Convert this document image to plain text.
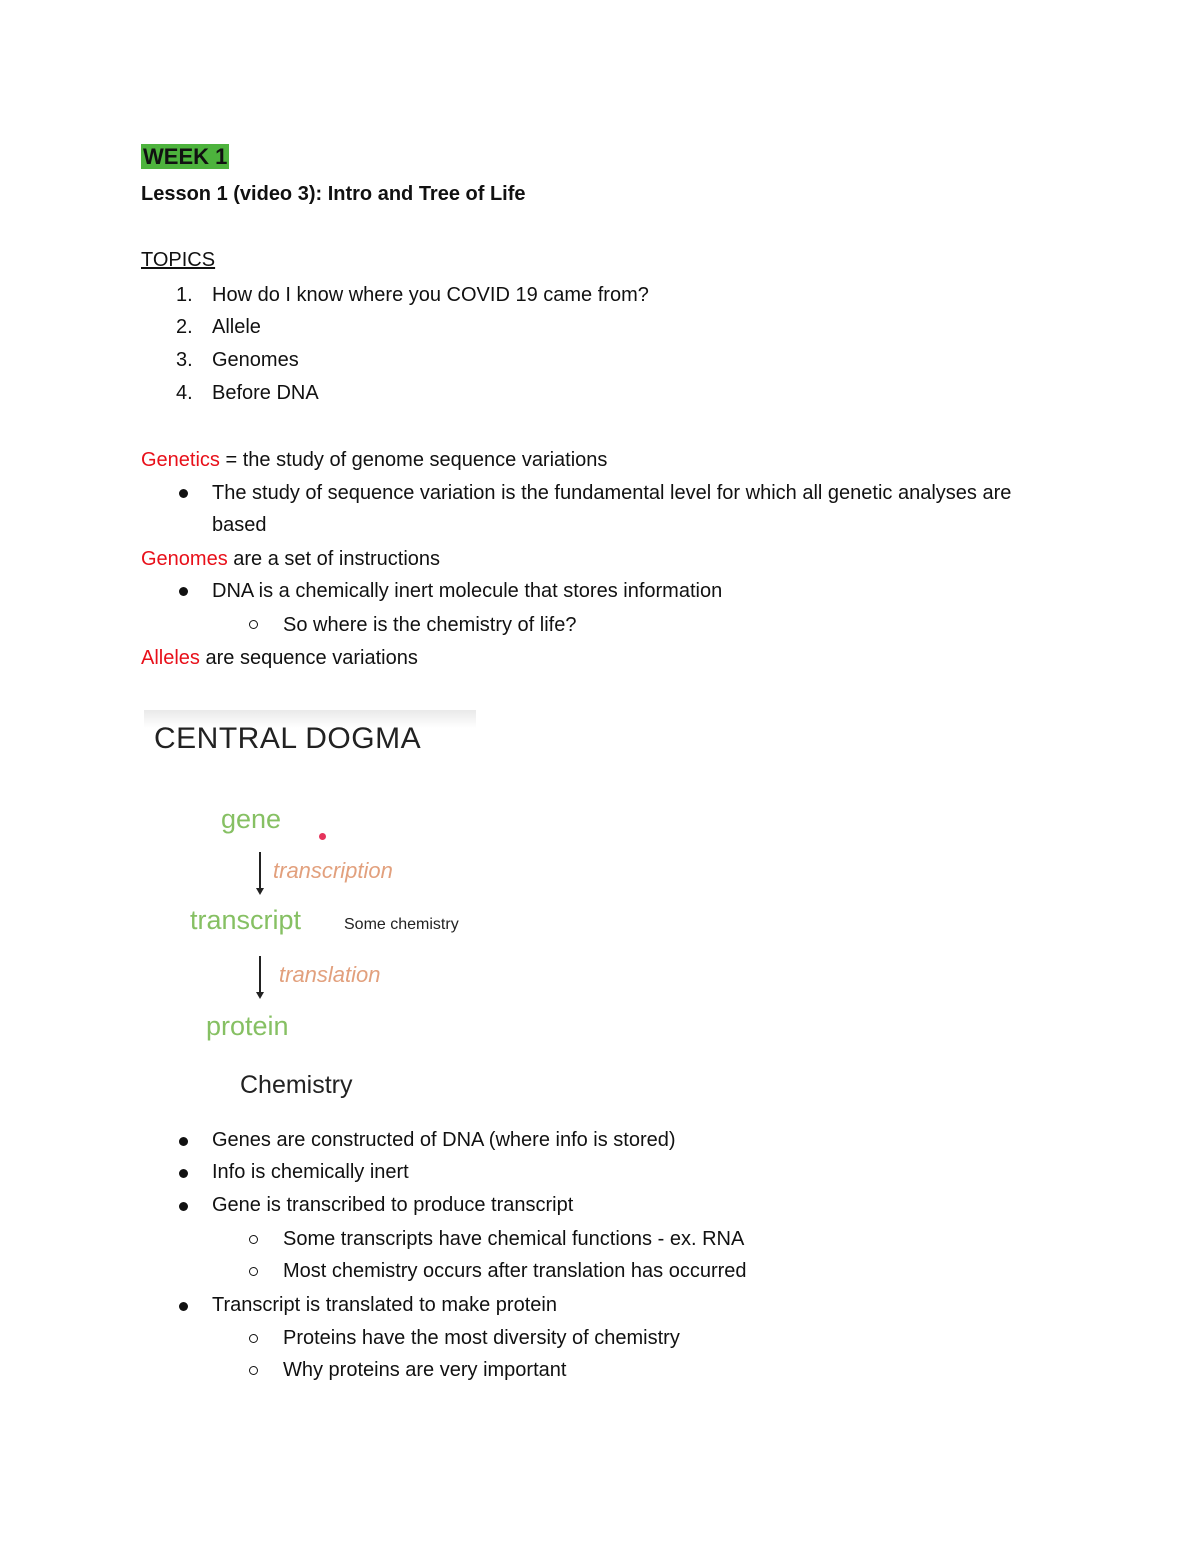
WEEK 1
Lesson 1 (video 3): Intro and Tree of Life
TOPICS
1. How do I know where you COVID 19 came from?
2. Allele
3. Genomes
4. Before DNA
Genetics = the study of genome sequence variations
The study of sequence variation is the fundamental level for which all genetic analyses are based
Genomes are a set of instructions
DNA is a chemically inert molecule that stores information
So where is the chemistry of life?
Alleles are sequence variations
CENTRAL DOGMA
gene
transcription
transcript	Some chemistry
translation
protein
Chemistry
Genes are constructed of DNA (where info is stored)
Info is chemically inert
Gene is transcribed to produce transcript
Some transcripts have chemical functions - ex. RNA
Most chemistry occurs after translation has occurred
Transcript is translated to make protein
Proteins have the most diversity of chemistry
Why proteins are very important
